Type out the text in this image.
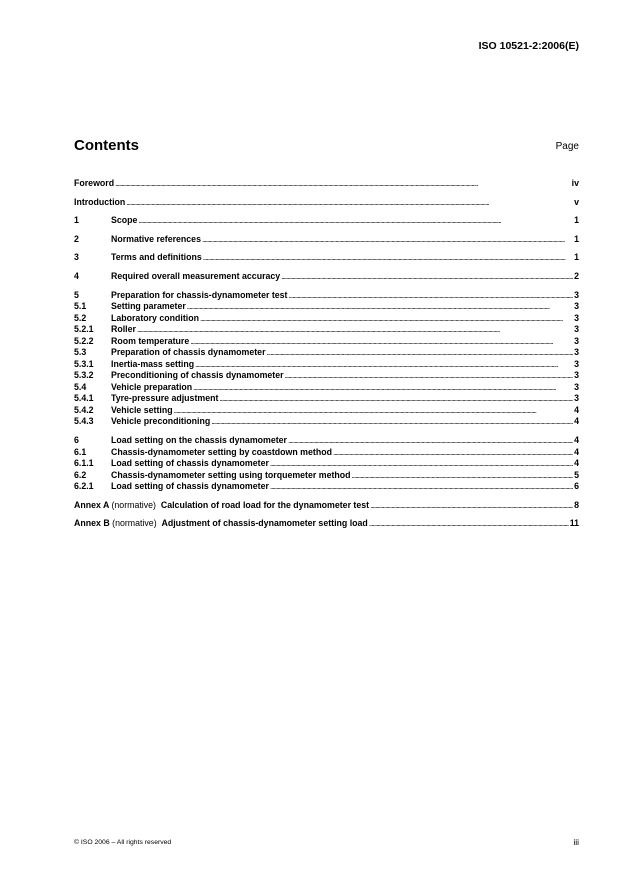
ISO 10521-2:2006(E)
Contents	Page
Foreword . . .	iv
Introduction . . .	v
1	Scope . . .	1
2	Normative references . . .	1
3	Terms and definitions . . .	1
4	Required overall measurement accuracy . . .	2
5	Preparation for chassis-dynamometer test . . .	3
5.1	Setting parameter . . .	3
5.2	Laboratory condition . . .	3
5.2.1	Roller . . .	3
5.2.2	Room temperature . . .	3
5.3	Preparation of chassis dynamometer . . .	3
5.3.1	Inertia-mass setting . . .	3
5.3.2	Preconditioning of chassis dynamometer . . .	3
5.4	Vehicle preparation . . .	3
5.4.1	Tyre-pressure adjustment . . .	3
5.4.2	Vehicle setting . . .	4
5.4.3	Vehicle preconditioning . . .	4
6	Load setting on the chassis dynamometer . . .	4
6.1	Chassis-dynamometer setting by coastdown method . . .	4
6.1.1	Load setting of chassis dynamometer . . .	4
6.2	Chassis-dynamometer setting using torquemeter method . . .	5
6.2.1	Load setting of chassis dynamometer . . .	6
Annex A (normative) Calculation of road load for the dynamometer test . . .	8
Annex B (normative) Adjustment of chassis-dynamometer setting load . . .	11
© ISO 2006 – All rights reserved	iii
